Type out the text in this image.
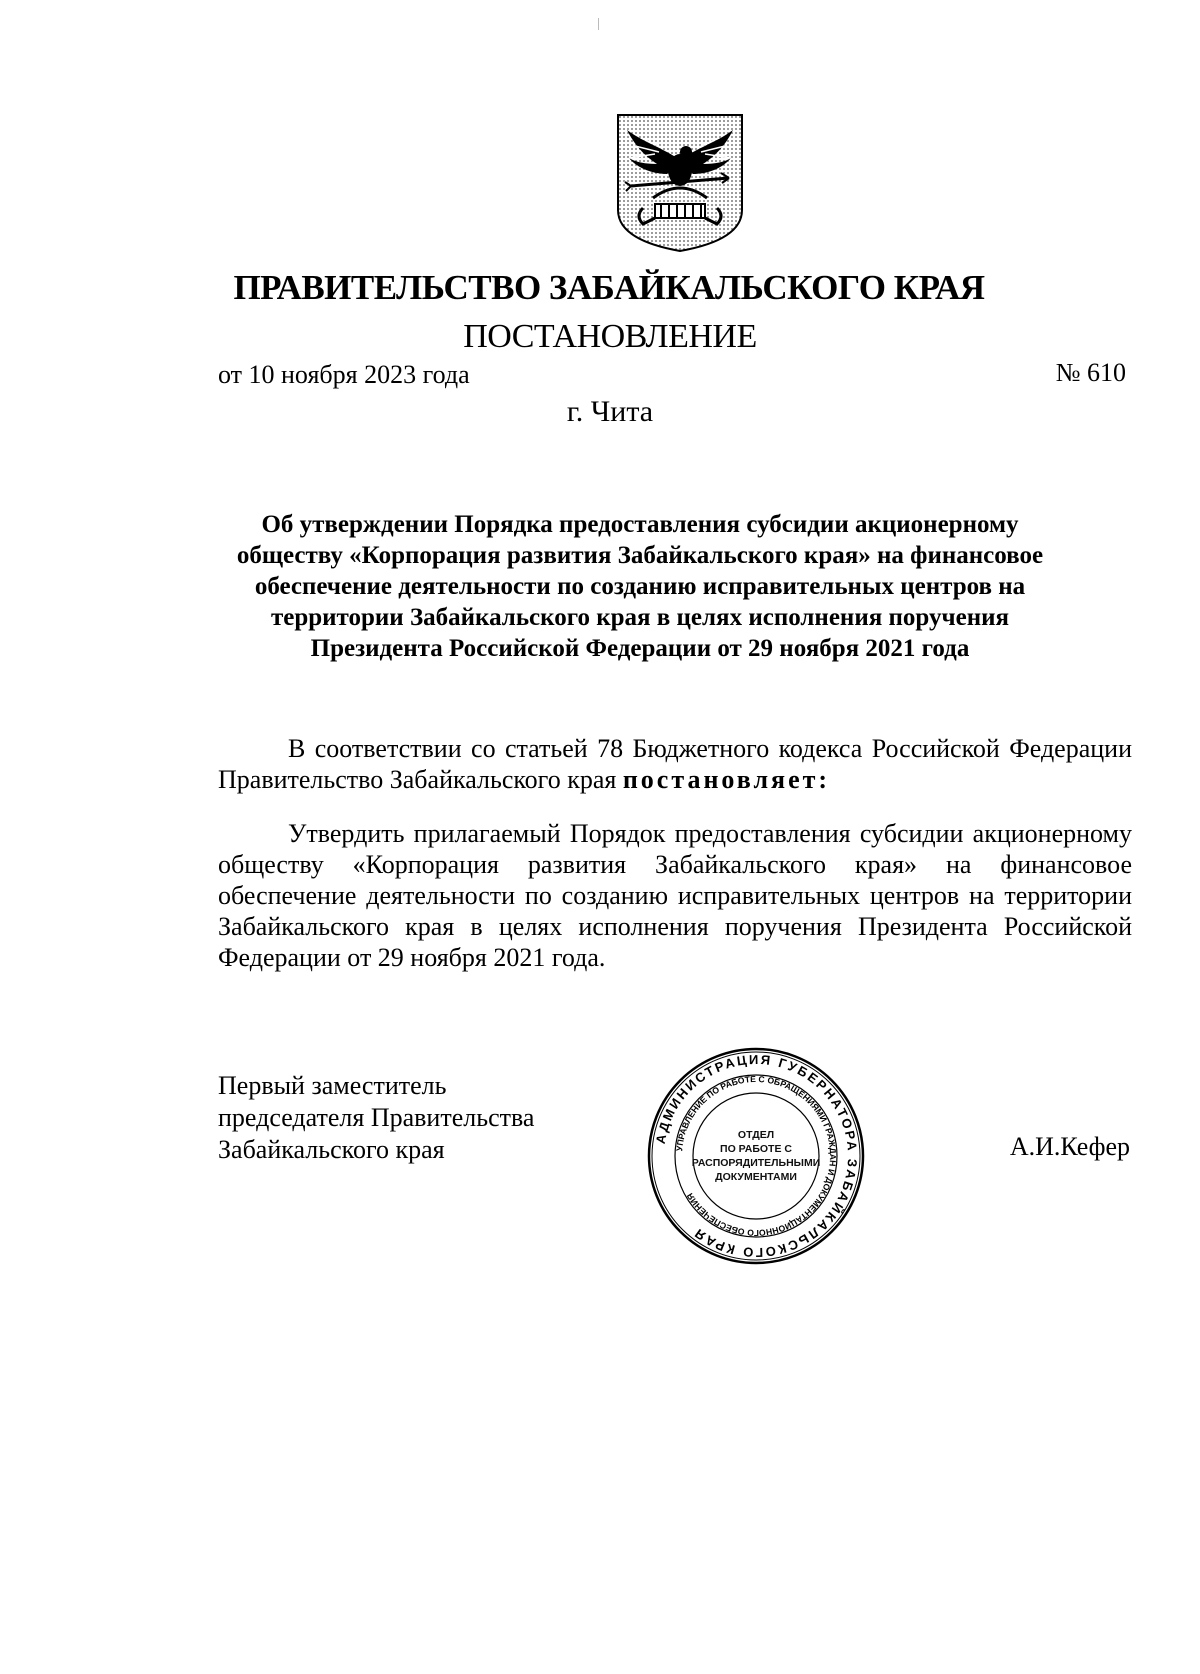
ПРАВИТЕЛЬСТВО ЗАБАЙКАЛЬСКОГО КРАЯ
ПОСТАНОВЛЕНИЕ
от 10 ноября 2023 года	№ 610
г. Чита
Об утверждении Порядка предоставления субсидии акционерному
обществу «Корпорация развития Забайкальского края» на финансовое
обеспечение деятельности по созданию исправительных центров на
территории Забайкальского края в целях исполнения поручения
Президента Российской Федерации от 29 ноября 2021 года

В соответствии со статьей 78 Бюджетного кодекса Российской Федерации Правительство Забайкальского края постановляет:

Утвердить прилагаемый Порядок предоставления субсидии акционерному обществу «Корпорация развития Забайкальского края» на финансовое обеспечение деятельности по созданию исправительных центров на территории Забайкальского края в целях исполнения поручения Президента Российской Федерации от 29 ноября 2021 года.

Первый заместитель
председателя Правительства
Забайкальского края	АДМИНИСТРАЦИЯ ГУБЕРНАТОРА ЗАБАЙКАЛЬСКОГО КРАЯ
УПРАВЛЕНИЕ ПО РАБОТЕ С ОБРАЩЕНИЯМИ ГРАЖДАН И ДОКУМЕНТАЦИОННОГО ОБЕСПЕЧЕНИЯ
ОТДЕЛ
ПО РАБОТЕ С
РАСПОРЯДИТЕЛЬНЫМИ
ДОКУМЕНТАМИ
А.И.Кефер
